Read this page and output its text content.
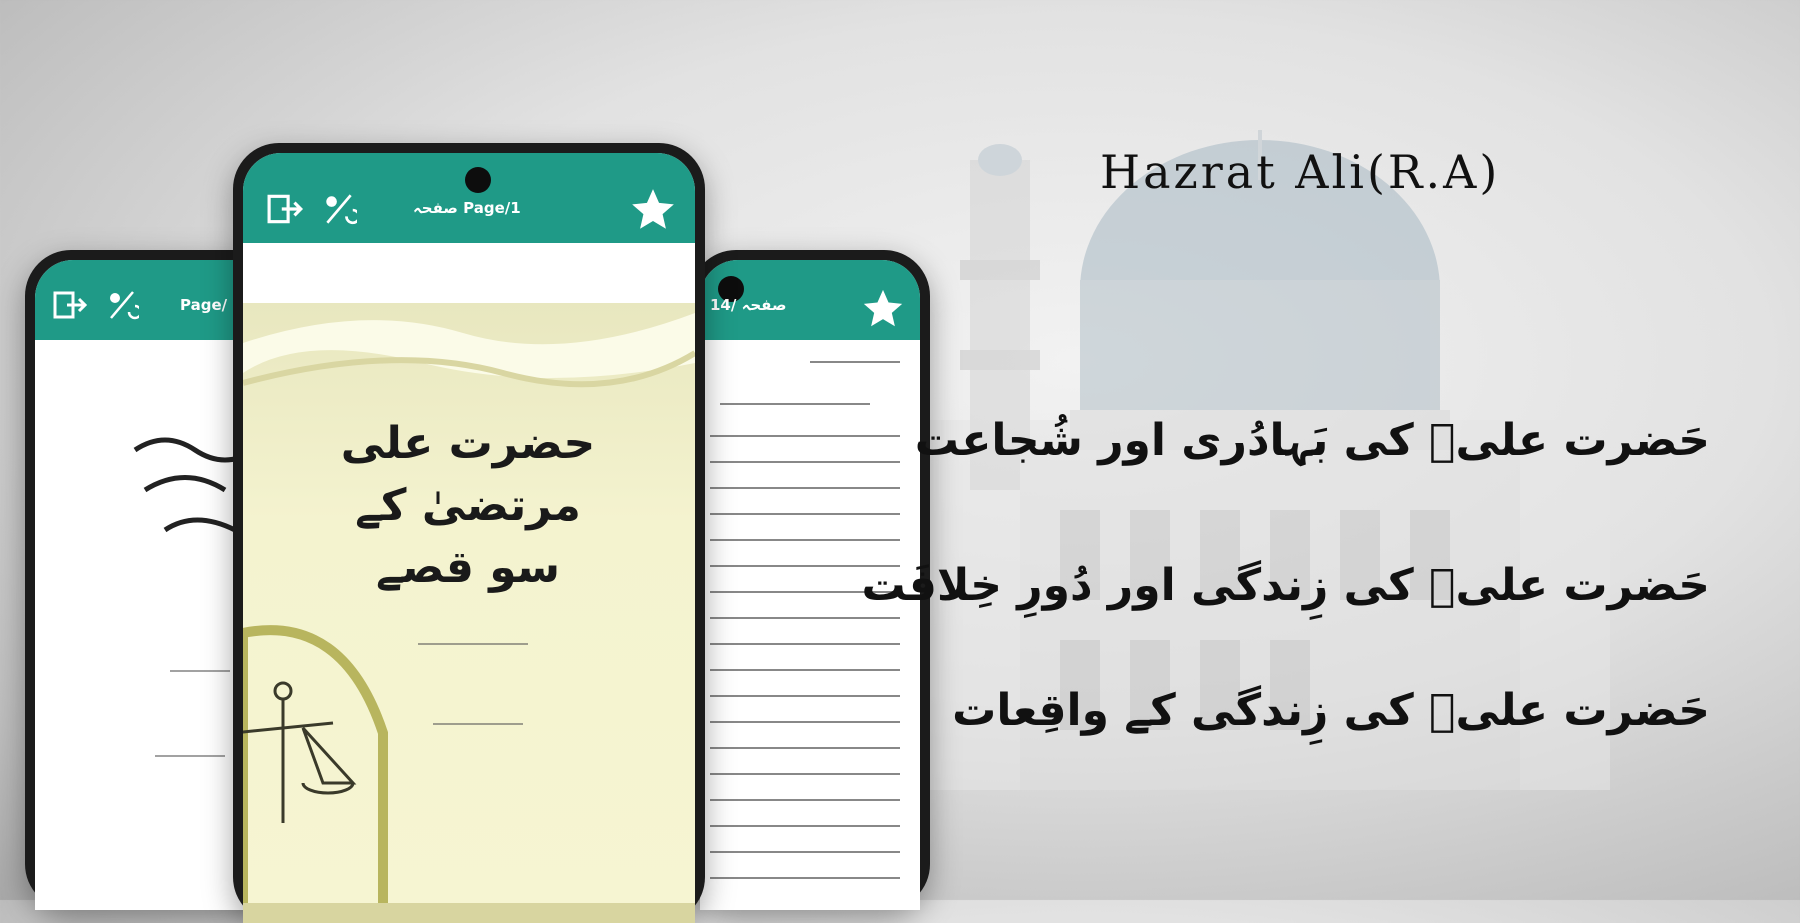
Page/	صفحہ /14
صفحہ Page/1
حضرت علی مرتضیٰ کے سو قصے
Hazrat Ali(R.A)
حَضرت علیؓ کی بَہادُری اور شُجاعت
حَضرت علیؓ کی زِندگی اور دُورِ خِلافَت
حَضرت علیؓ کی زِندگی کے واقِعات
